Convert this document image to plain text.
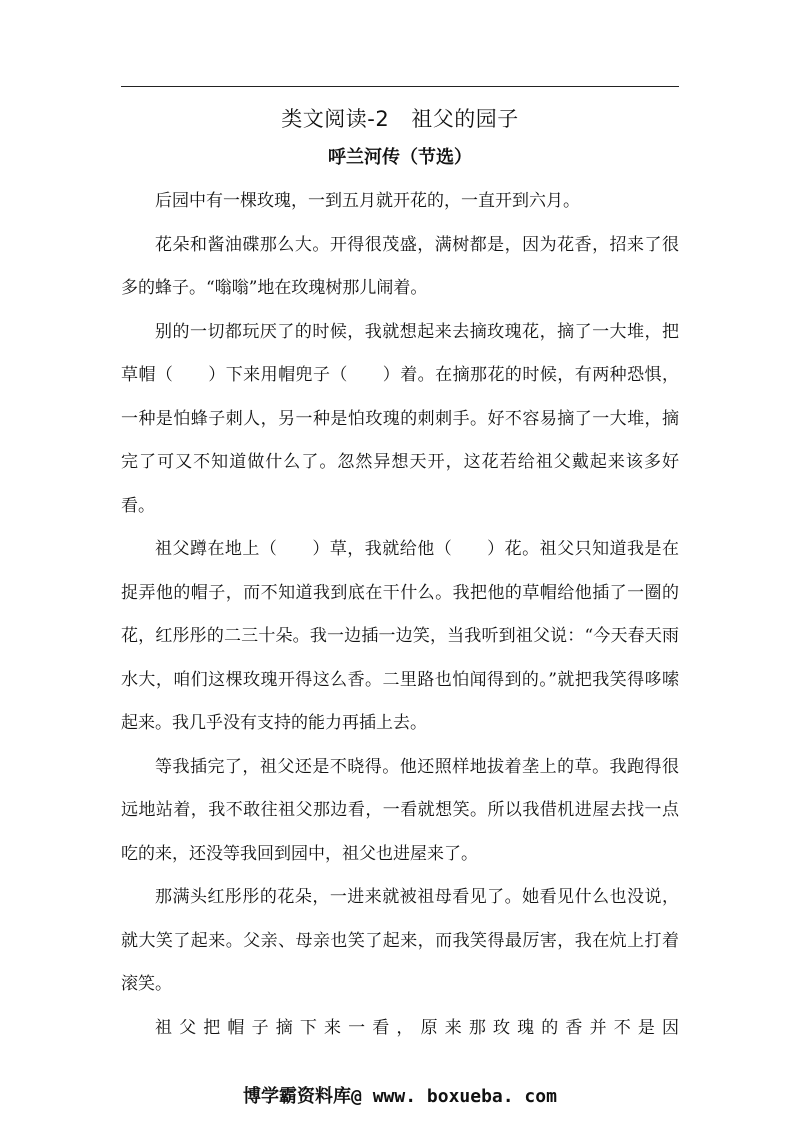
类文阅读-2 祖父的园子
呼兰河传（节选）

后园中有一棵玫瑰，一到五月就开花的，一直开到六月。

花朵和酱油碟那么大。开得很茂盛，满树都是，因为花香，招来了很多的蜂子。“嗡嗡”地在玫瑰树那儿闹着。

别的一切都玩厌了的时候，我就想起来去摘玫瑰花，摘了一大堆，把草帽（　　）下来用帽兜子（　　）着。在摘那花的时候，有两种恐惧，一种是怕蜂子刺人，另一种是怕玫瑰的刺刺手。好不容易摘了一大堆，摘完了可又不知道做什么了。忽然异想天开，这花若给祖父戴起来该多好看。

祖父蹲在地上（　　）草，我就给他（　　）花。祖父只知道我是在捉弄他的帽子，而不知道我到底在干什么。我把他的草帽给他插了一圈的花，红彤彤的二三十朵。我一边插一边笑，当我听到祖父说：“今天春天雨水大，咱们这棵玫瑰开得这么香。二里路也怕闻得到的。”就把我笑得哆嗦起来。我几乎没有支持的能力再插上去。

等我插完了，祖父还是不晓得。他还照样地拔着垄上的草。我跑得很远地站着，我不敢往祖父那边看，一看就想笑。所以我借机进屋去找一点吃的来，还没等我回到园中，祖父也进屋来了。

那满头红彤彤的花朵，一进来就被祖母看见了。她看见什么也没说，就大笑了起来。父亲、母亲也笑了起来，而我笑得最厉害，我在炕上打着滚笑。

祖父把帽子摘下来一看，原来那玫瑰的香并不是因

博学霸资料库@ www. boxueba. com
